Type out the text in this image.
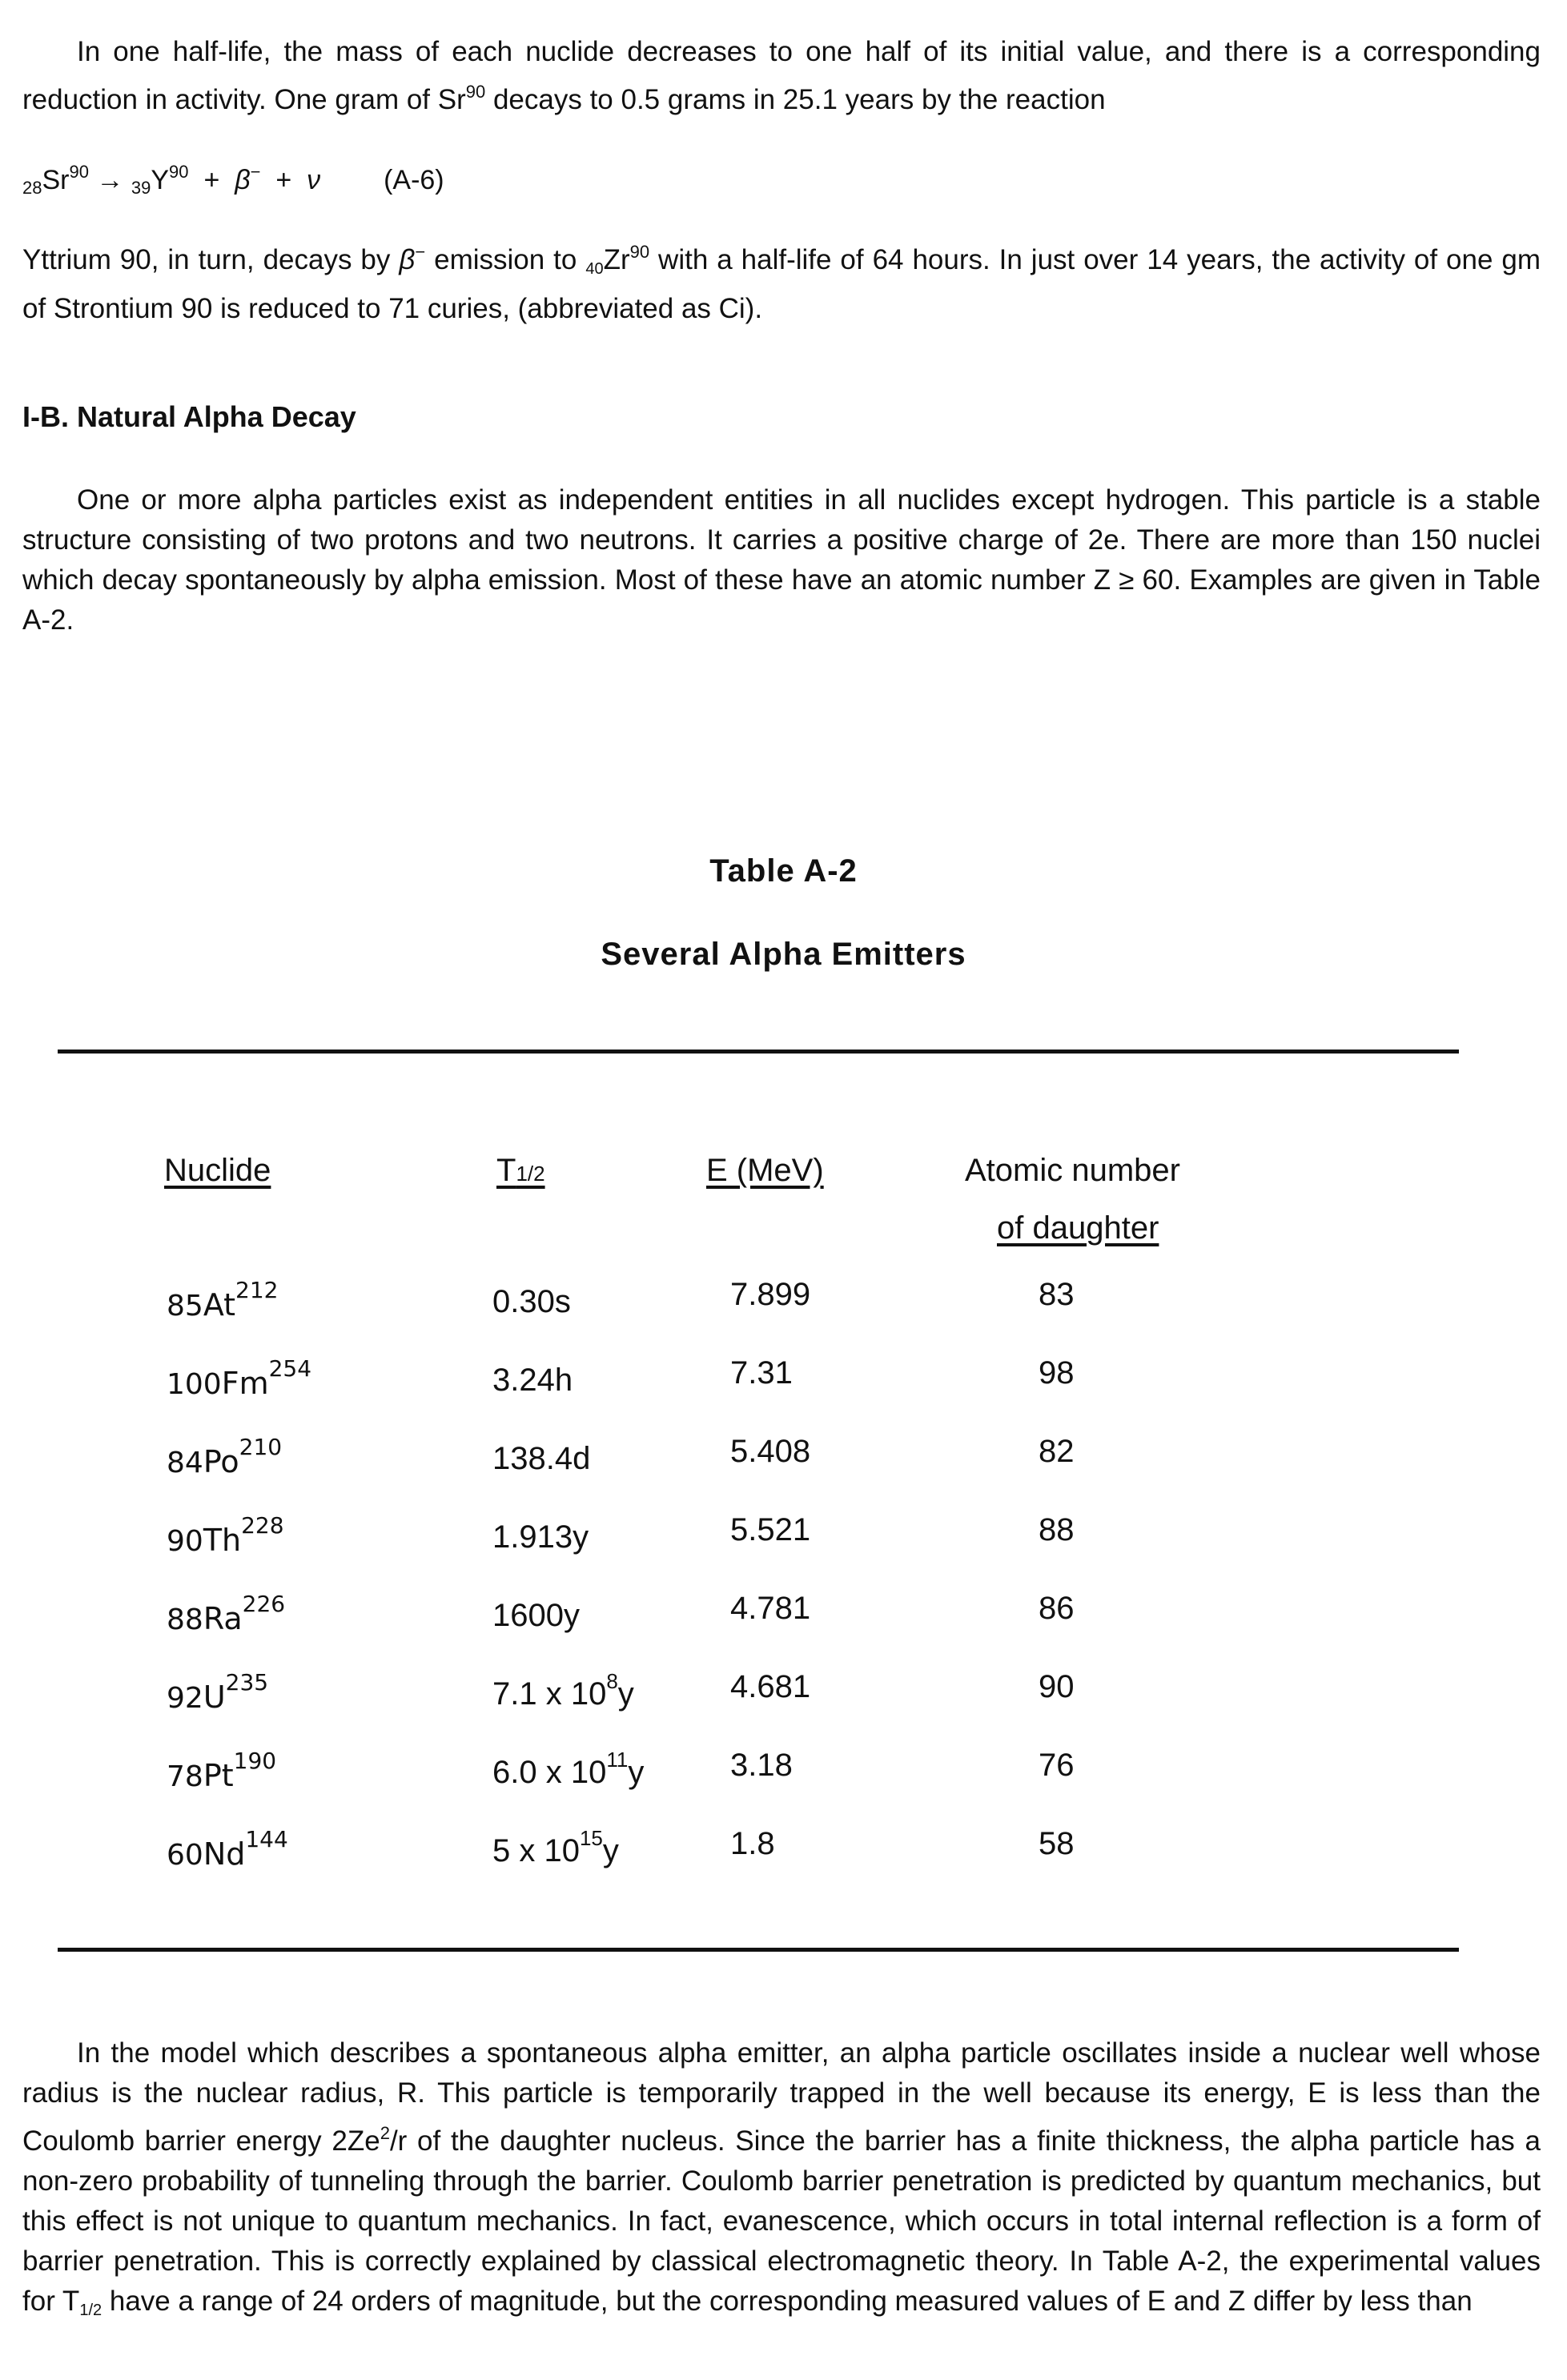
In one half-life, the mass of each nuclide decreases to one half of its initial value, and there is a corresponding reduction in activity. One gram of Sr$^{90}$ decays to 0.5 grams in 25.1 years by the reaction
$_{28}Sr^{90} \to _{39}Y^{90} + \beta^- + \nu$ (A-6)
Yttrium 90, in turn, decays by β− emission to 40Zr$^{90}$ with a half-life of 64 hours. In just over 14 years, the activity of one gm of Strontium 90 is reduced to 71 curies, (abbreviated as Ci).
I-B. Natural Alpha Decay
One or more alpha particles exist as independent entities in all nuclides except hydrogen. This particle is a stable structure consisting of two protons and two neutrons. It carries a positive charge of 2e. There are more than 150 nuclei which decay spontaneously by alpha emission. Most of these have an atomic number Z ≥ 60. Examples are given in Table A-2.
Table A-2
Several Alpha Emitters
Nuclide	T1/2	E (MeV)	Atomic number
of daughter
85At$^{212}$	0.30s	7.899	83
100Fm$^{254}$	3.24h	7.31	98
84Po$^{210}$	138.4d	5.408	82
90Th$^{228}$	1.913y	5.521	88
88Ra$^{226}$	1600y	4.781	86
$92U^{235}$	7.1 x $10^8y$	4.681	90
78Pt$^{190}$	6.0 x $10^{11}y$	3.18	76
60Nd$^{144}$	5 x $10^{15}y$	1.8	58
In the model which describes a spontaneous alpha emitter, an alpha particle oscillates inside a nuclear well whose radius is the nuclear radius, R. This particle is temporarily trapped in the well because its energy, E is less than the Coulomb barrier energy 2Ze$^2$/r of the daughter nucleus. Since the barrier has a finite thickness, the alpha particle has a non-zero probability of tunneling through the barrier. Coulomb barrier penetration is predicted by quantum mechanics, but this effect is not unique to quantum mechanics. In fact, evanescence, which occurs in total internal reflection is a form of barrier penetration. This is correctly explained by classical electromagnetic theory. In Table A-2, the experimental values for T1/2 have a range of 24 orders of magnitude, but the corresponding measured values of E and Z differ by less than
